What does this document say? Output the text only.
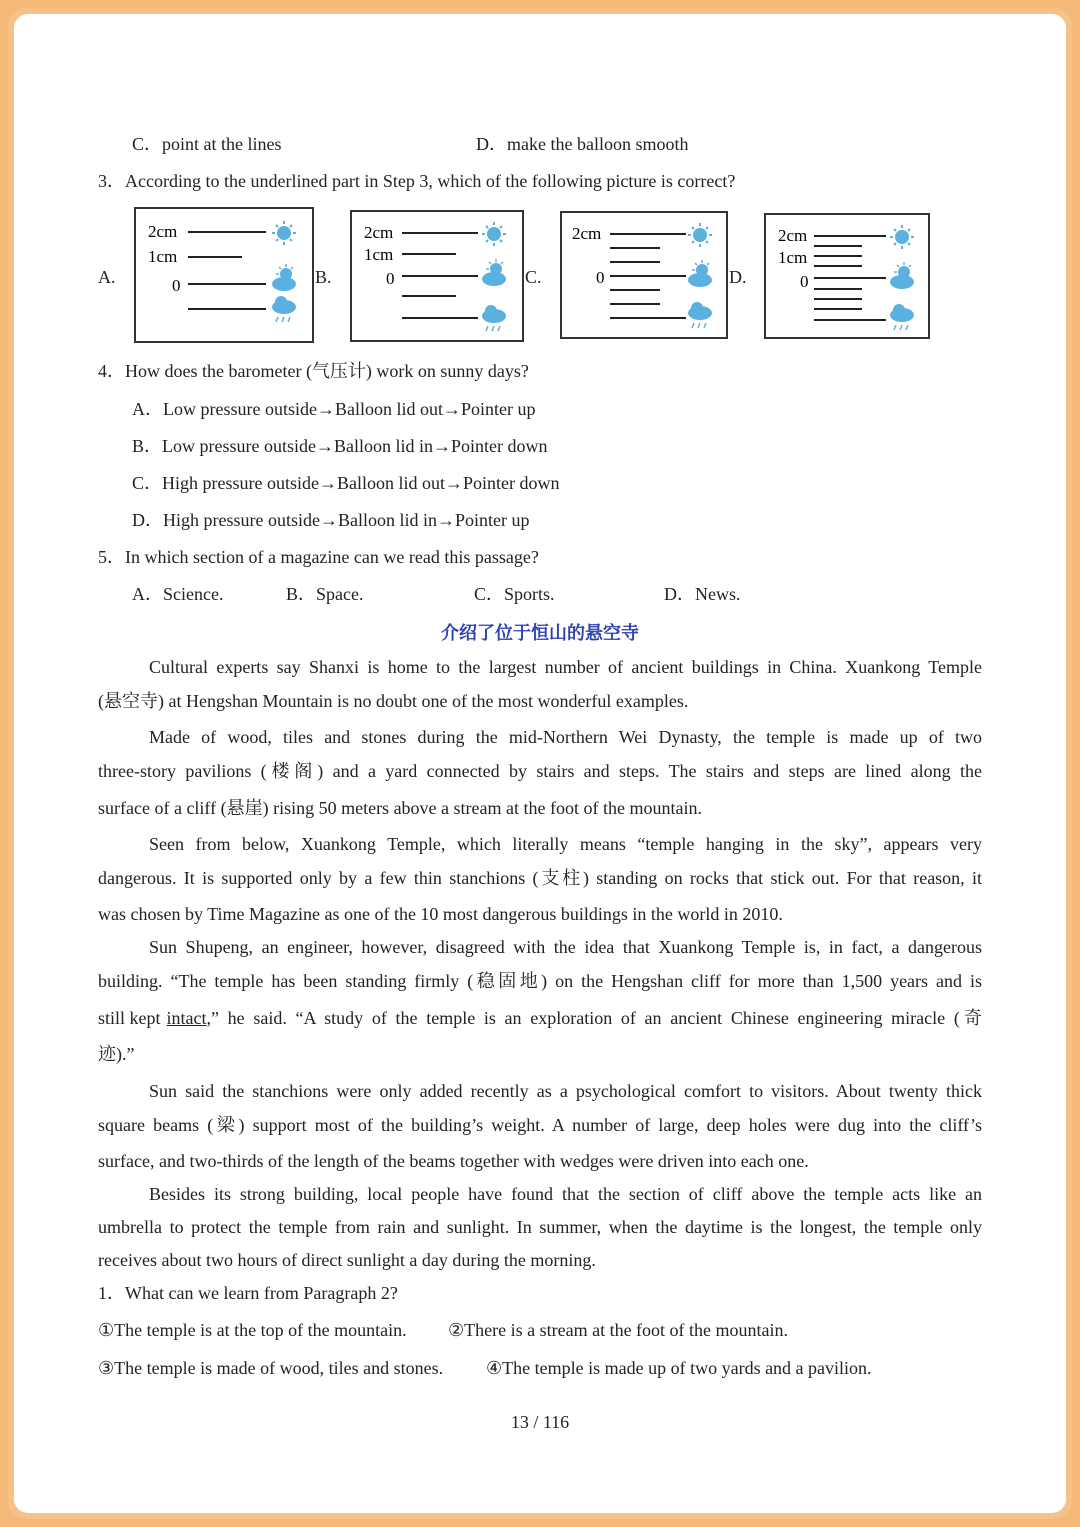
C．point at the lines	D．make the balloon smooth
3．According to the underlined part in Step 3, which of the following picture is correct?
A.
2cm
1cm
0	B.
2cm
1cm
0	C.
2cm
0	D.
2cm
1cm
0
4．How does the barometer (气压计) work on sunny days?
A．Low pressure outside→Balloon lid out→Pointer up
B．Low pressure outside→Balloon lid in→Pointer down
C．High pressure outside→Balloon lid out→Pointer down
D．High pressure outside→Balloon lid in→Pointer up
5．In which section of a magazine can we read this passage?
A．Science.	B．Space.	C．Sports.	D．News.
介绍了位于恒山的悬空寺
Cultural experts say Shanxi is home to the largest number of ancient buildings in China. Xuankong Temple
(悬空寺) at Hengshan Mountain is no doubt one of the most wonderful examples.
Made of wood, tiles and stones during the mid-Northern Wei Dynasty, the temple is made up of two
three-story pavilions (楼阁) and a yard connected by stairs and steps. The stairs and steps are lined along the
surface of a cliff (悬崖) rising 50 meters above a stream at the foot of the mountain.
Seen from below, Xuankong Temple, which literally means “temple hanging in the sky”, appears very
dangerous. It is supported only by a few thin stanchions (支柱) standing on rocks that stick out. For that reason, it
was chosen by Time Magazine as one of the 10 most dangerous buildings in the world in 2010.
Sun Shupeng, an engineer, however, disagreed with the idea that Xuankong Temple is, in fact, a dangerous
building. “The temple has been standing firmly (稳固地) on the Hengshan cliff for more than 1,500 years and is
still kept intact ,” he said. “A study of the temple is an exploration of an ancient Chinese engineering miracle (奇
迹).”
Sun said the stanchions were only added recently as a psychological comfort to visitors. About twenty thick
square beams (梁) support most of the building’s weight. A number of large, deep holes were dug into the cliff’s
surface, and two-thirds of the length of the beams together with wedges were driven into each one.
Besides its strong building, local people have found that the section of cliff above the temple acts like an
umbrella to protect the temple from rain and sunlight. In summer, when the daytime is the longest, the temple only
receives about two hours of direct sunlight a day during the morning.
1．What can we learn from Paragraph 2?
①The temple is at the top of the mountain. ②There is a stream at the foot of the mountain.
③The temple is made of wood, tiles and stones. ④The temple is made up of two yards and a pavilion.
13 / 116
